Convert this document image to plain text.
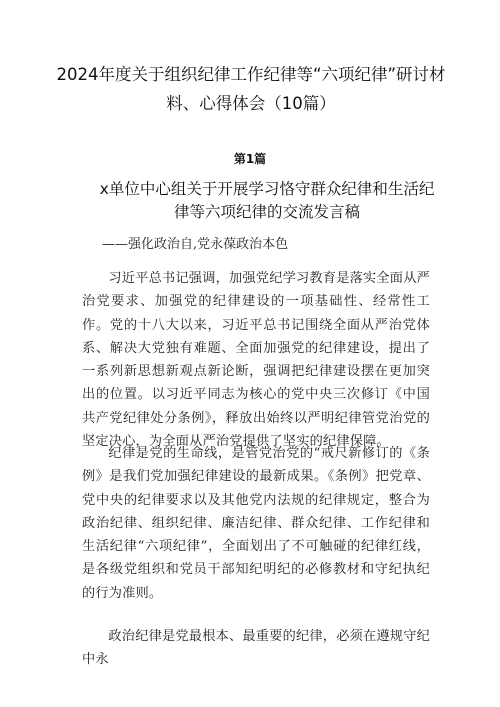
2024年度关于组织纪律工作纪律等“六项纪律”研讨材料、心得体会（10篇）
第1篇
x单位中心组关于开展学习恪守群众纪律和生活纪律等六项纪律的交流发言稿
——强化政治自,党永葆政治本色

习近平总书记强调，加强党纪学习教育是落实全面从严治党要求、加强党的纪律建设的一项基础性、经常性工作。党的十八大以来，习近平总书记围绕全面从严治党体系、解决大党独有难题、全面加强党的纪律建设，提出了一系列新思想新观点新论断，强调把纪律建设摆在更加突出的位置。以习近平同志为核心的党中央三次修订《中国共产党纪律处分条例》，释放出始终以严明纪律管党治党的坚定决心，为全面从严治党提供了坚实的纪律保障。

纪律是党的生命线，是管党治党的“戒尺新修订的《条例》是我们党加强纪律建设的最新成果。《条例》把党章、党中央的纪律要求以及其他党内法规的纪律规定，整合为政治纪律、组织纪律、廉洁纪律、群众纪律、工作纪律和生活纪律“六项纪律”，全面划出了不可触碰的纪律红线，是各级党组织和党员干部知纪明纪的必修教材和守纪执纪的行为准则。

政治纪律是党最根本、最重要的纪律，必须在遵规守纪中永
